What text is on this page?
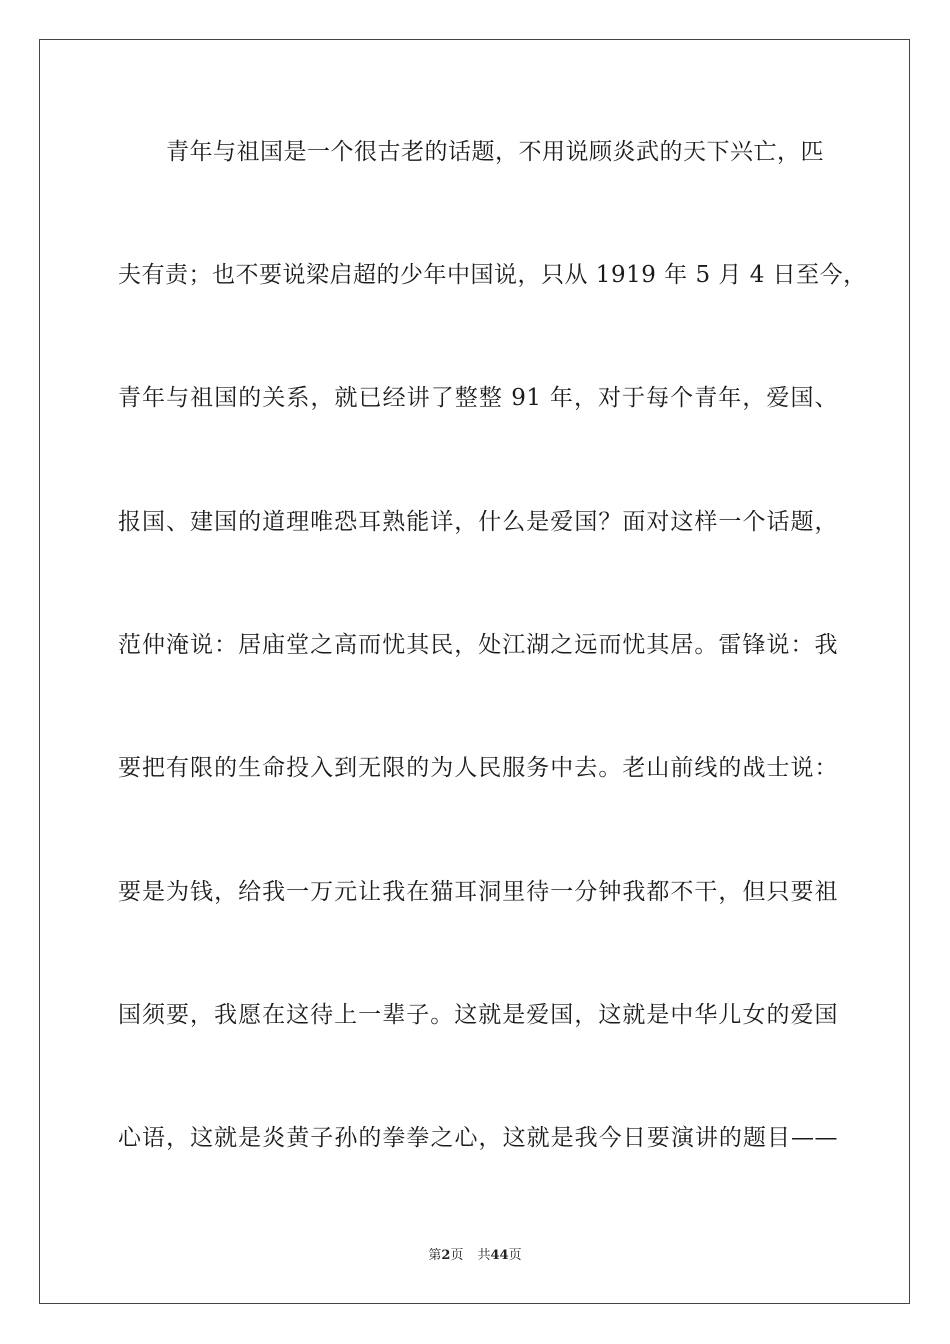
青年与祖国是一个很古老的话题，不用说顾炎武的天下兴亡，匹
夫有责；也不要说梁启超的少年中国说，只从 1919 年 5 月 4 日至今，
青年与祖国的关系，就已经讲了整整 91 年，对于每个青年，爱国、
报国、建国的道理唯恐耳熟能详，什么是爱国？面对这样一个话题，
范仲淹说：居庙堂之高而忧其民，处江湖之远而忧其居。雷锋说：我
要把有限的生命投入到无限的为人民服务中去。老山前线的战士说：
要是为钱，给我一万元让我在猫耳洞里待一分钟我都不干，但只要祖
国须要，我愿在这待上一辈子。这就是爱国，这就是中华儿女的爱国
心语，这就是炎黄子孙的拳拳之心，这就是我今日要演讲的题目——
第2页 共44页
